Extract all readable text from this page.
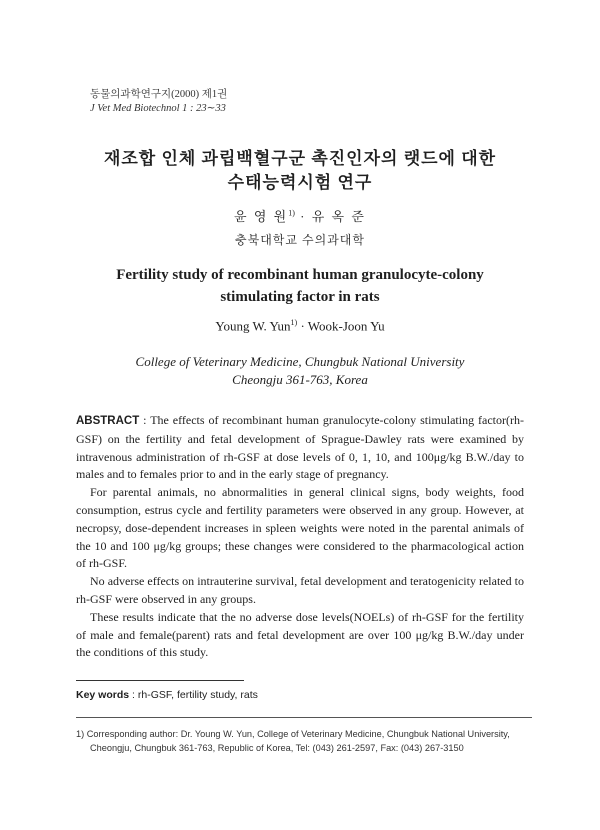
동물의과학연구지(2000) 제1권
J Vet Med Biotechnol 1 : 23∼33
재조합 인체 과립백혈구군 촉진인자의 랫드에 대한
수태능력시험 연구
윤 영 원$^{1)}$ · 유 옥 준
충북대학교 수의과대학
Fertility study of recombinant human granulocyte-colony
stimulating factor in rats
Young W. Yun$^{1)}$ · Wook-Joon Yu
College of Veterinary Medicine, Chungbuk National University
Cheongju 361-763, Korea

ABSTRACT : The effects of recombinant human granulocyte-colony stimulating factor(rh-GSF) on the fertility and fetal development of Sprague-Dawley rats were examined by intravenous administration of rh-GSF at dose levels of 0, 1, 10, and 100μg/kg B.W./day to males and to females prior to and in the early stage of pregnancy.

For parental animals, no abnormalities in general clinical signs, body weights, food consumption, estrus cycle and fertility parameters were observed in any group. However, at necropsy, dose-dependent increases in spleen weights were noted in the parental animals of the 10 and 100 μg/kg groups; these changes were considered to the pharmacological action of rh-GSF.

No adverse effects on intrauterine survival, fetal development and teratogenicity related to rh-GSF were observed in any groups.

These results indicate that the no adverse dose levels(NOELs) of rh-GSF for the fertility of male and female(parent) rats and fetal development are over 100 μg/kg B.W./day under the conditions of this study.

Key words : rh-GSF, fertility study, rats
1) Corresponding author: Dr. Young W. Yun, College of Veterinary Medicine, Chungbuk National University,
Cheongju, Chungbuk 361-763, Republic of Korea, Tel: (043) 261-2597, Fax: (043) 267-3150
